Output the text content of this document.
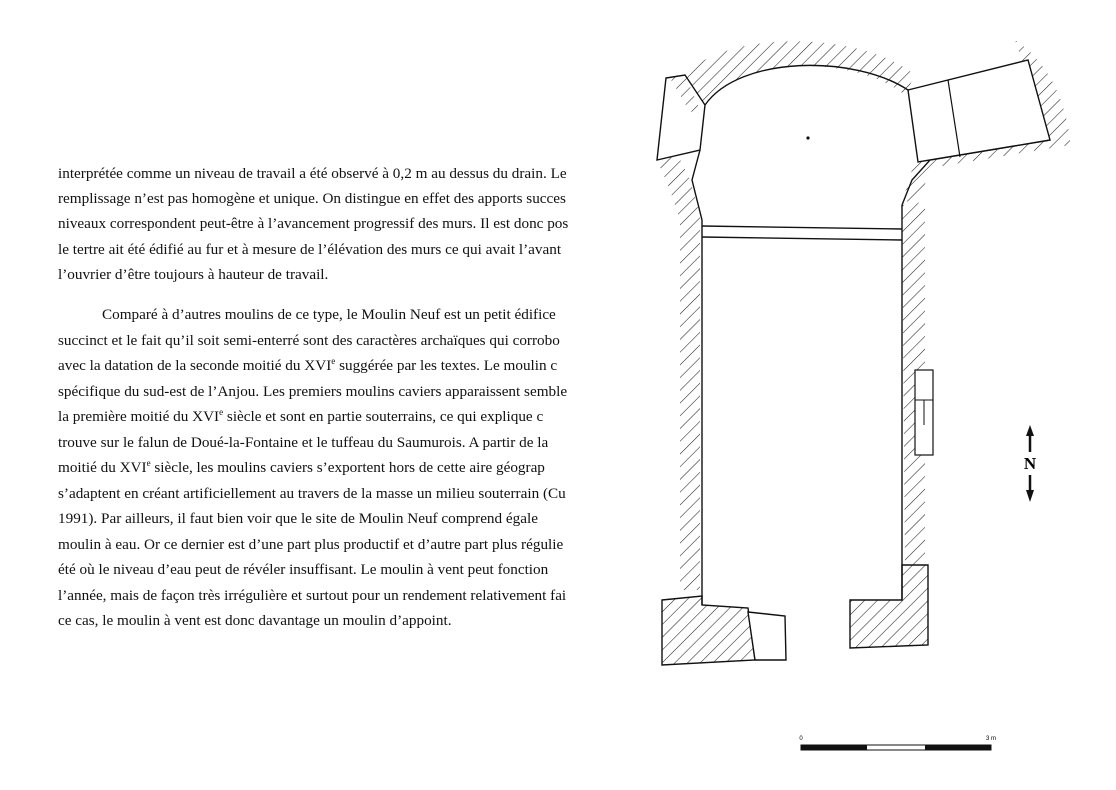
interprétée comme un niveau de travail a été observé à 0,2 m au dessus du drain. Le
remplissage n’est pas homogène et unique. On distingue en effet des apports succes
niveaux correspondent peut-être à l’avancement progressif des murs. Il est donc pos
le tertre ait été édifié au fur et à mesure de l’élévation des murs ce qui avait l’avant
l’ouvrier d’être toujours à hauteur de travail.
Comparé à d’autres moulins de ce type, le Moulin Neuf est un petit édifice
succinct et le fait qu’il soit semi-enterré sont des caractères archaïques qui corrobo
avec la datation de la seconde moitié du XVIe suggérée par les textes. Le moulin c
spécifique du sud-est de l’Anjou. Les premiers moulins caviers apparaissent semble
la première moitié du XVIe siècle et sont en partie souterrains, ce qui explique c
trouve sur le falun de Doué-la-Fontaine et le tuffeau du Saumurois. A partir de la
moitié du XVIe siècle, les moulins caviers s’exportent hors de cette aire géograp
s’adaptent en créant artificiellement au travers de la masse un milieu souterrain (Cu
1991). Par ailleurs, il faut bien voir que le site de Moulin Neuf comprend égale
moulin à eau. Or ce dernier est d’une part plus productif et d’autre part plus régulie
été où le niveau d’eau peut de révéler insuffisant. Le moulin à vent peut fonction
l’année, mais de façon très irrégulière et surtout pour un rendement relativement fai
ce cas, le moulin à vent est donc davantage un moulin d’appoint.
N
0	3 m
